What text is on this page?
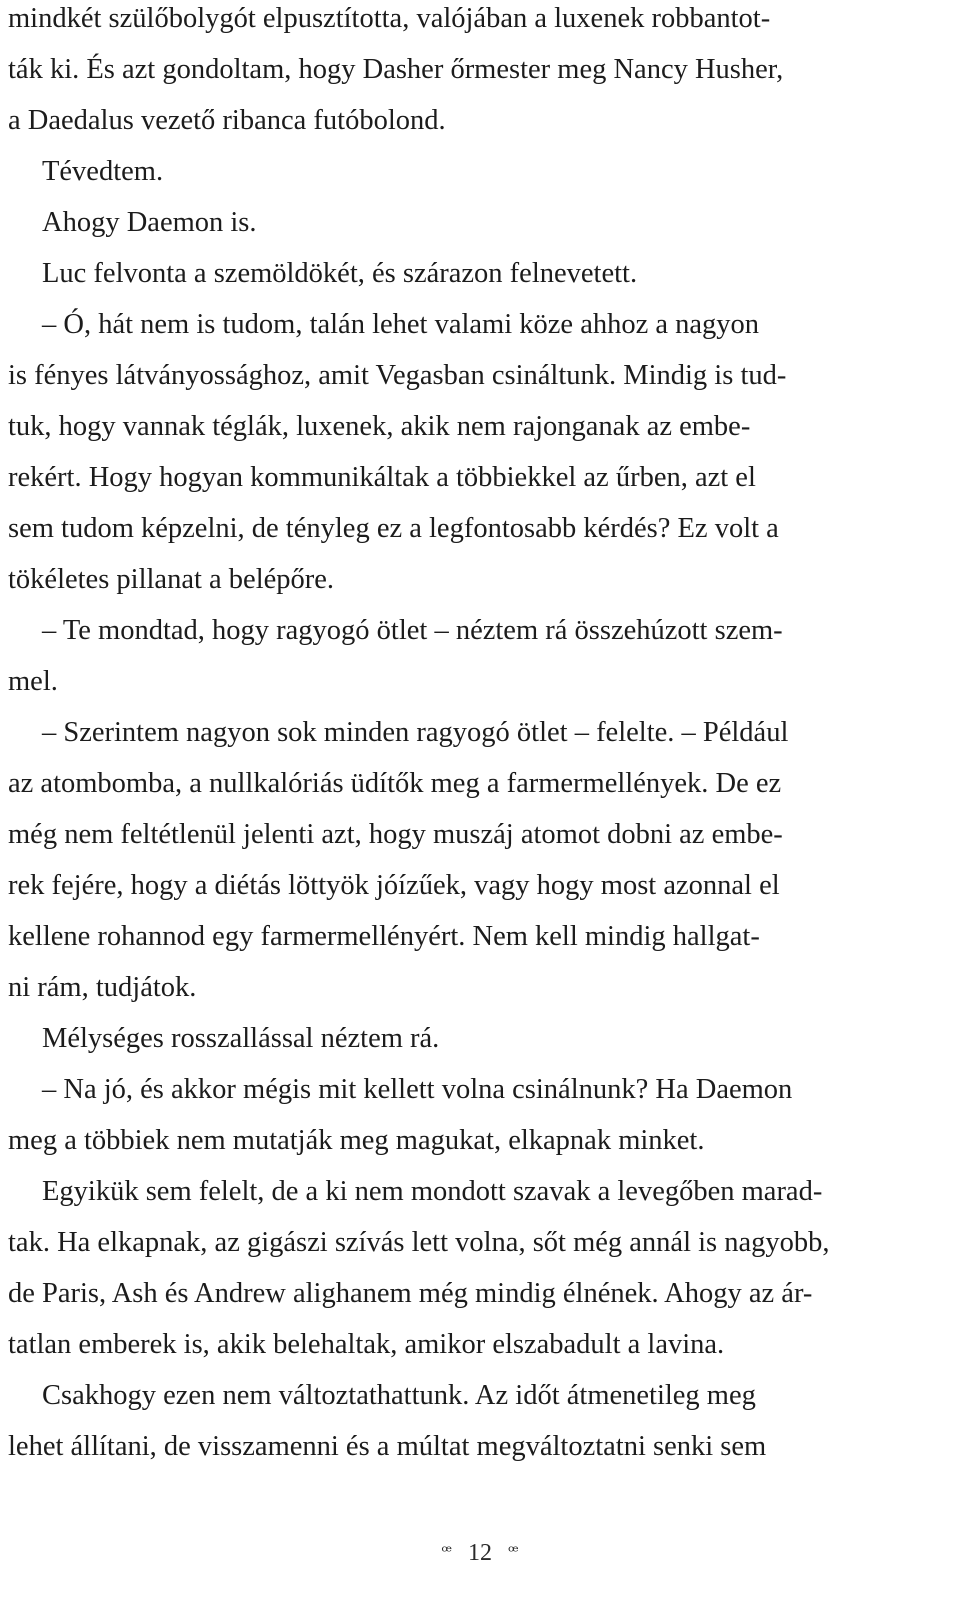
mindkét szülőbolygót elpusztította, valójában a luxenek robbantot-
ták ki. És azt gondoltam, hogy Dasher őrmester meg Nancy Husher,
a Daedalus vezető ribanca futóbolond.
Tévedtem.
Ahogy Daemon is.
Luc felvonta a szemöldökét, és szárazon felnevetett.
– Ó, hát nem is tudom, talán lehet valami köze ahhoz a nagyon
is fényes látványossághoz, amit Vegasban csináltunk. Mindig is tud-
tuk, hogy vannak téglák, luxenek, akik nem rajonganak az embe-
rekért. Hogy hogyan kommunikáltak a többiekkel az űrben, azt el
sem tudom képzelni, de tényleg ez a legfontosabb kérdés? Ez volt a
tökéletes pillanat a belépőre.
– Te mondtad, hogy ragyogó ötlet – néztem rá összehúzott szem-
mel.
– Szerintem nagyon sok minden ragyogó ötlet – felelte. – Például
az atombomba, a nullkalóriás üdítők meg a farmermellények. De ez
még nem feltétlenül jelenti azt, hogy muszáj atomot dobni az embe-
rek fejére, hogy a diétás löttyök jóízűek, vagy hogy most azonnal el
kellene rohannod egy farmermellényért. Nem kell mindig hallgat-
ni rám, tudjátok.
Mélységes rosszallással néztem rá.
– Na jó, és akkor mégis mit kellett volna csinálnunk? Ha Daemon
meg a többiek nem mutatják meg magukat, elkapnak minket.
Egyikük sem felelt, de a ki nem mondott szavak a levegőben marad-
tak. Ha elkapnak, az gigászi szívás lett volna, sőt még annál is nagyobb,
de Paris, Ash és Andrew alighanem még mindig élnének. Ahogy az ár-
tatlan emberek is, akik belehaltak, amikor elszabadult a lavina.
Csakhogy ezen nem változtathattunk. Az időt átmenetileg meg
lehet állítani, de visszamenni és a múltat megváltoztatni senki sem
ꟹ 12 ꟹ
